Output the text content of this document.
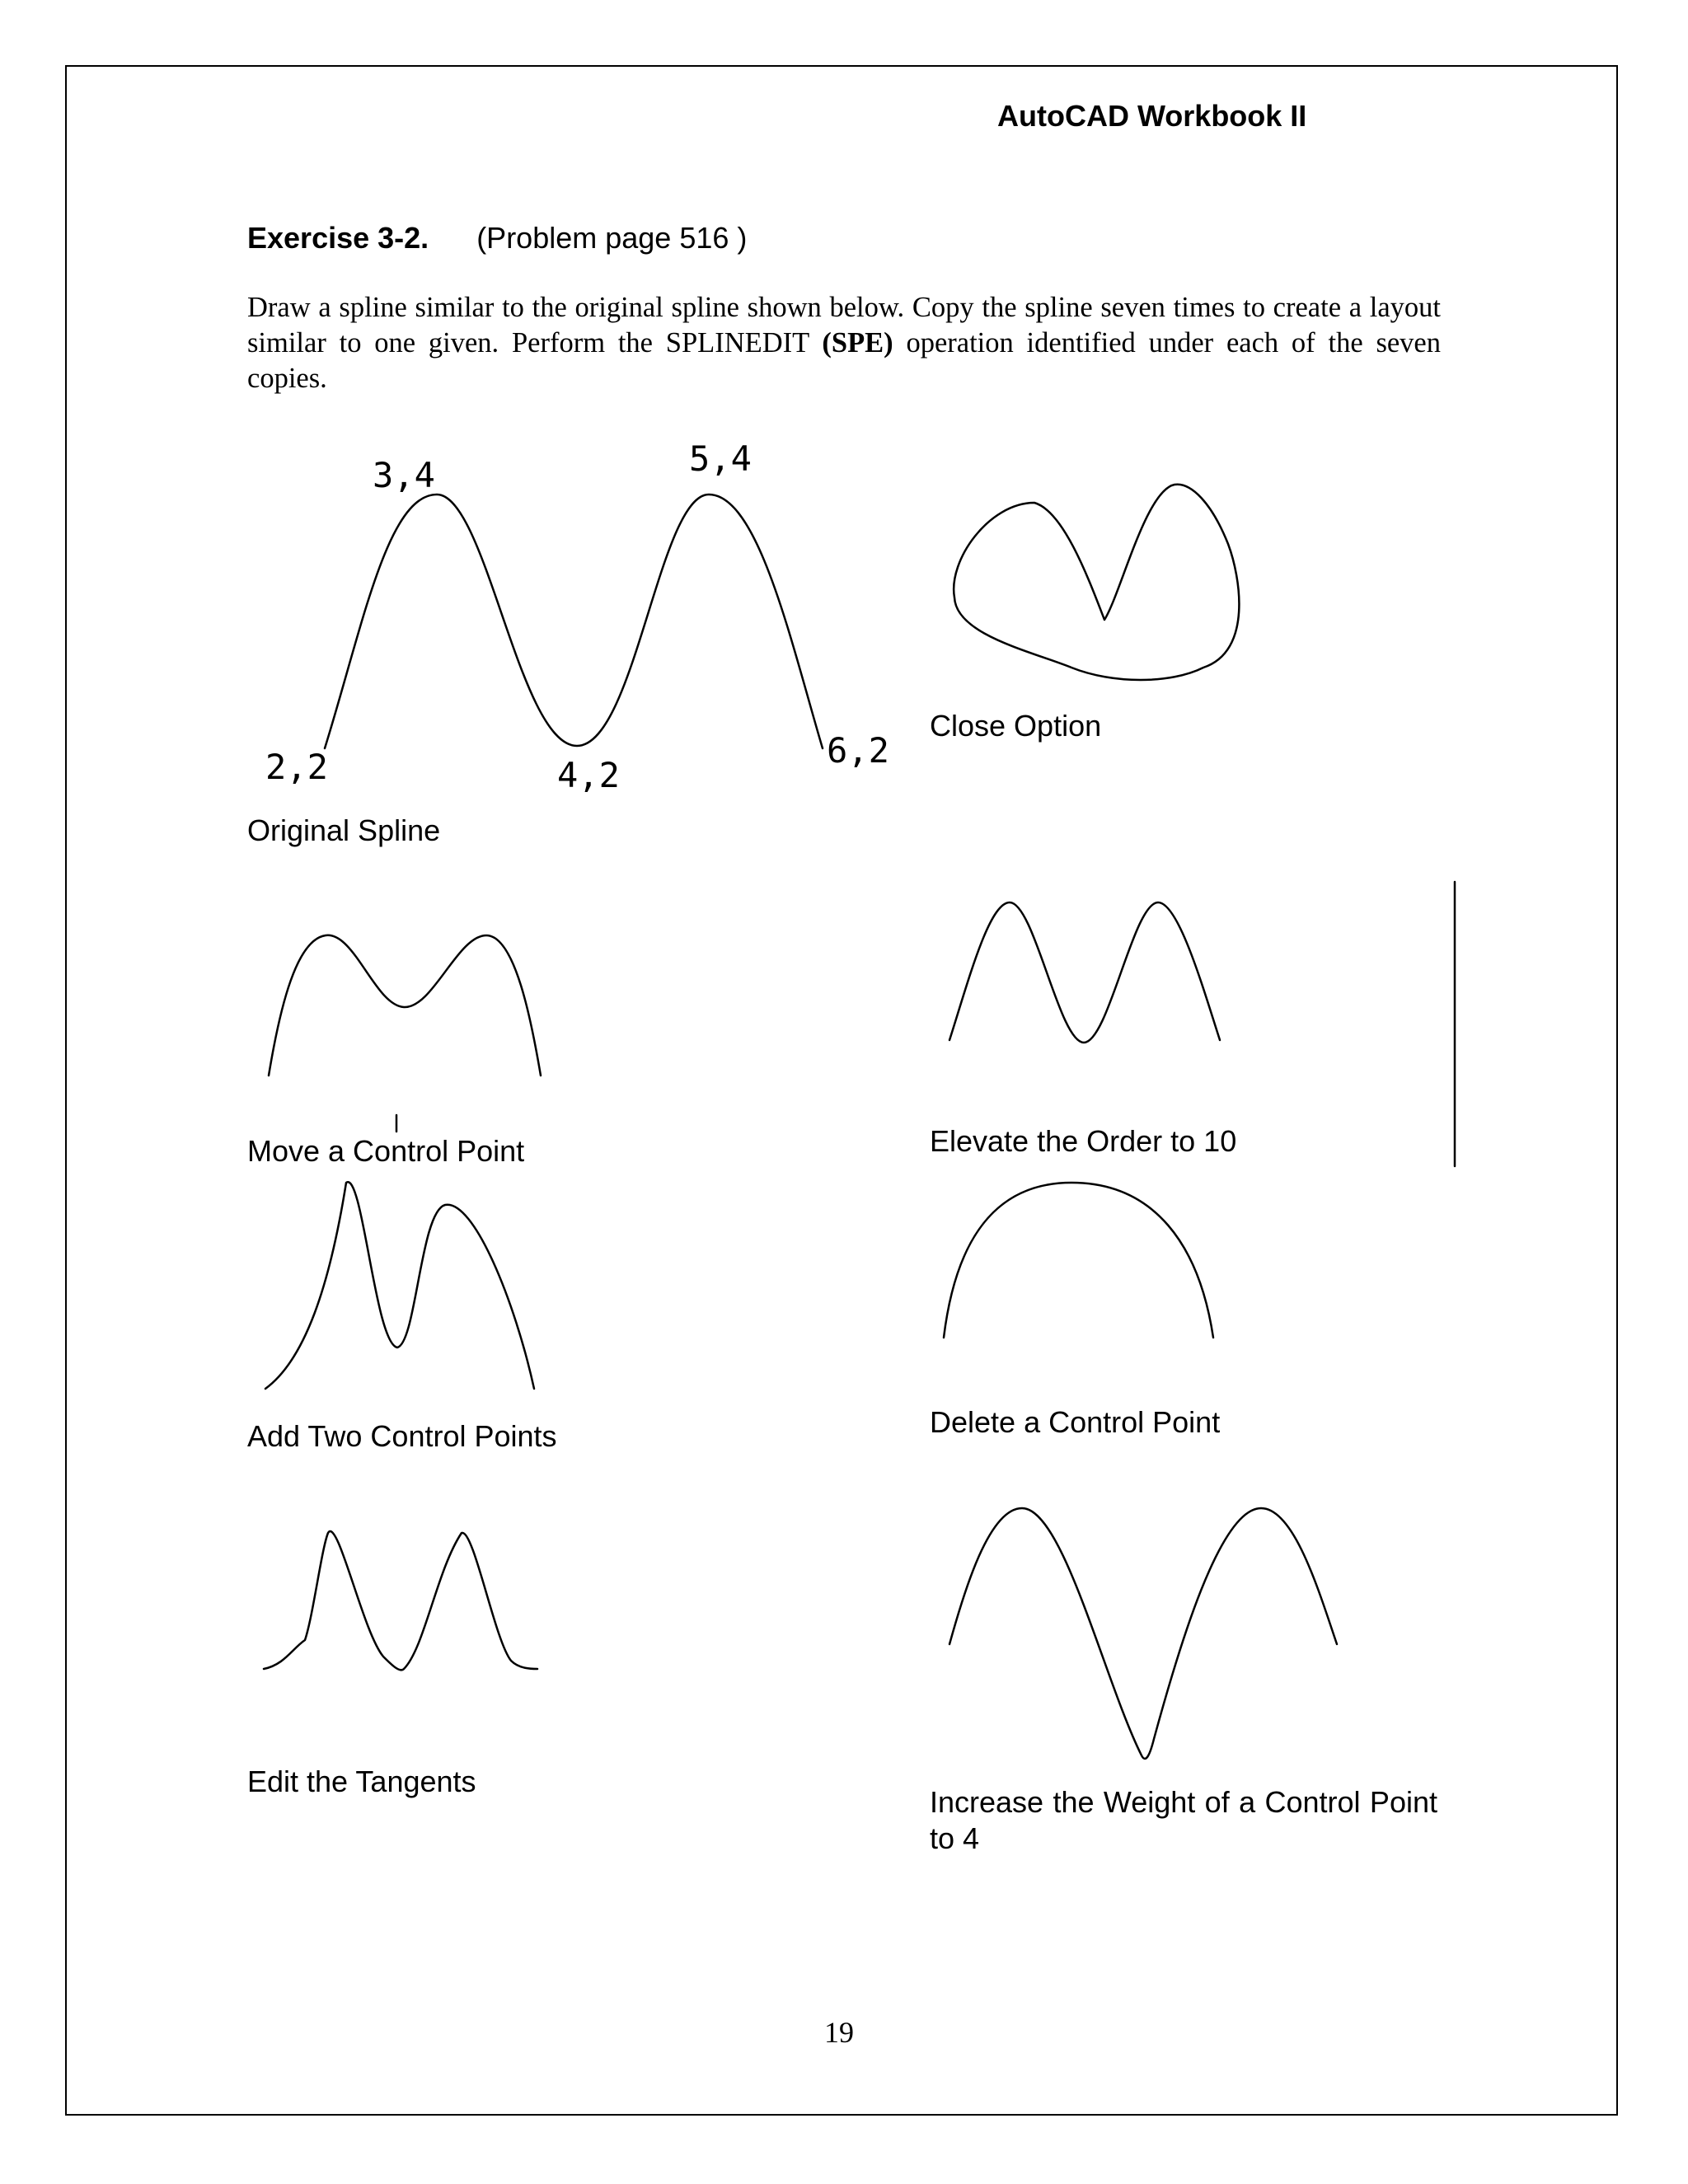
AutoCAD Workbook II
Exercise 3-2. (Problem page 516 )
Draw a spline similar to the original spline shown below. Copy the spline seven times to create a layout similar to one given. Perform the SPLINEDIT (SPE) operation identified under each of the seven copies.
2,2
3,4
4,2
5,4
6,2
Close Option
Original Spline
Move a Control Point	Elevate the Order to 10
Add Two Control Points	Delete a Control Point
Edit the Tangents
Increase the Weight of a Control Point to 4
19
